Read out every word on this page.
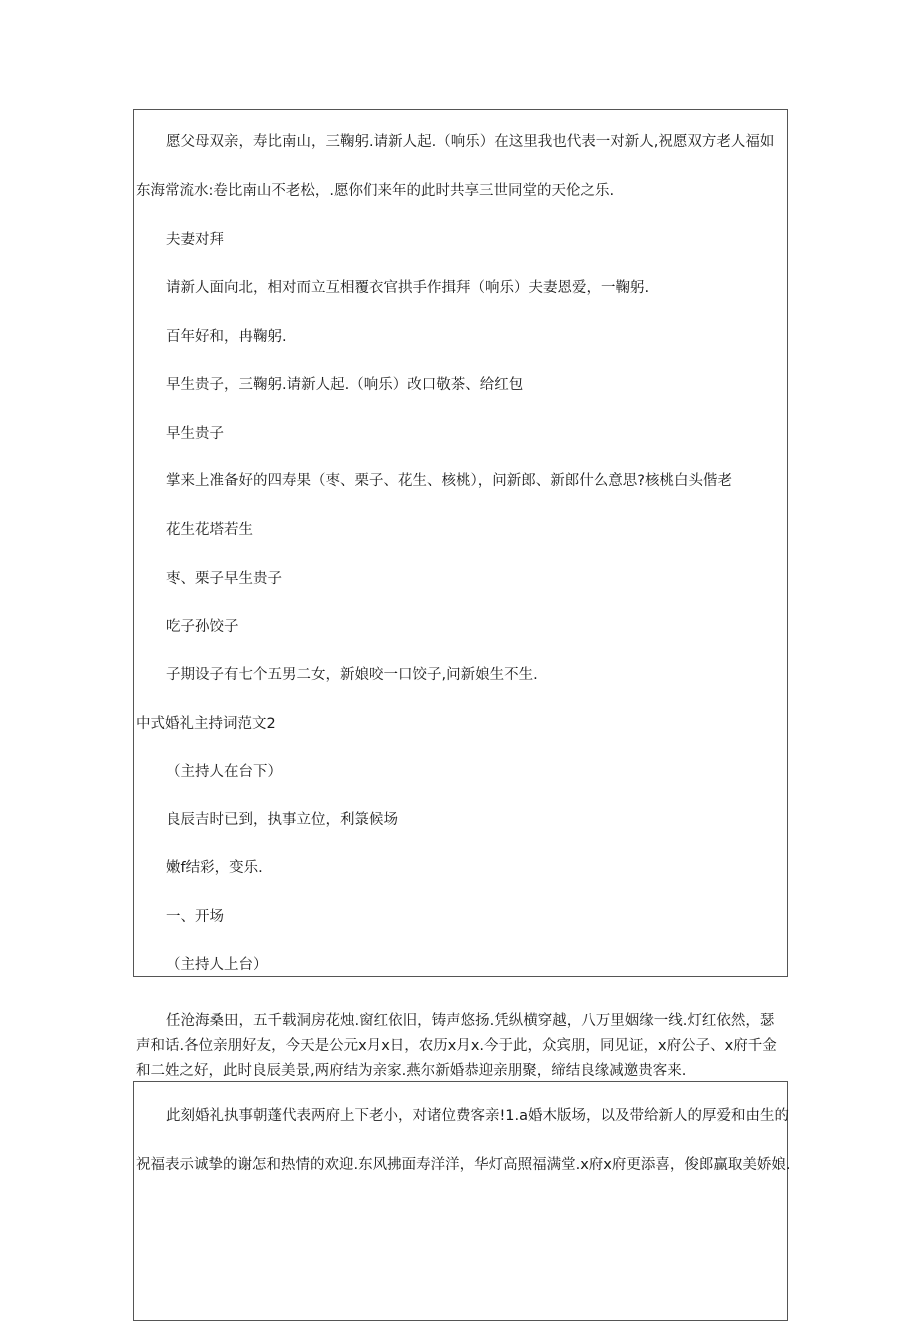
愿父母双亲，寿比南山，三鞠躬.请新人起.（响乐）在这里我也代表一对新人,祝愿双方老人福如
东海常流水:卷比南山不老松，.愿你们来年的此时共享三世同堂的天伦之乐.
夫妻对拜
请新人面向北，相对而立互相覆衣官拱手作揖拜（响乐）夫妻恩爱，一鞠躬.
百年好和，冉鞠躬.
早生贵子，三鞠躬.请新人起.（响乐）改口敬茶、给红包
早生贵子
掌来上准备好的四寿果（枣、栗子、花生、核桃），问新郎、新郎什么意思?核桃白头偕老
花生花塔若生
枣、栗子早生贵子
吃子孙饺子
子期设子有七个五男二女，新娘咬一口饺子,问新娘生不生.
中式婚礼主持词范文2
（主持人在台下）
良辰吉时已到，执事立位，利箓候场
嫩f结彩，变乐.
一、开场
（主持人上台）
任沧海桑田，五千载洞房花烛.窗红依旧，铸声悠扬.凭纵横穿越，八万里姻缘一线.灯红依然，瑟
声和话.各位亲朋好友，今天是公元x月x日，农历x月x.今于此，众宾朋，同见证，x府公子、x府千金
和二姓之好，此时良辰美景,两府结为亲家.燕尔新婚恭迎亲朋聚，缔结良缘减邀贵客来.
此刻婚礼执事朝蓬代表两府上下老小，对诸位费客亲!1.a婚木版场，以及带给新人的厚爱和由生的
祝福表示诚挚的谢怎和热情的欢迎.东风拂面寿洋洋，华灯高照福满堂.x府x府更添喜，俊郎赢取美娇娘.
